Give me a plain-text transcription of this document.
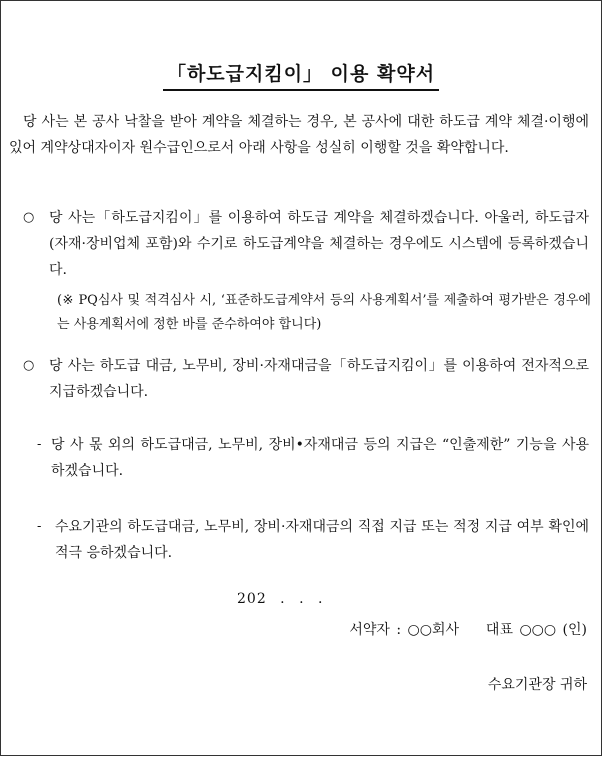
「하도급지킴이」 이용 확약서
당 사는 본 공사 낙찰을 받아 계약을 체결하는 경우, 본 공사에 대한 하도급 계약 체결·이행에 있어 계약상대자이자 원수급인으로서 아래 사항을 성실히 이행할 것을 확약합니다.
○ 당 사는「하도급지킴이」를 이용하여 하도급 계약을 체결하겠습니다. 아울러, 하도급자(자재·장비업체 포함)와 수기로 하도급계약을 체결하는 경우에도 시스템에 등록하겠습니다.
(※ PQ심사 및 적격심사 시, ‘표준하도급계약서 등의 사용계획서’를 제출하여 평가받은 경우에는 사용계획서에 정한 바를 준수하여야 합니다)
○ 당 사는 하도급 대금, 노무비, 장비·자재대금을「하도급지킴이」를 이용하여 전자적으로 지급하겠습니다.
- 당 사 몫 외의 하도급대금, 노무비, 장비•자재대금 등의 지급은 “인출제한” 기능을 사용하겠습니다.
- 수요기관의 하도급대금, 노무비, 장비·자재대금의 직접 지급 또는 적정 지급 여부 확인에 적극 응하겠습니다.
202 . . .
서약자 : ○○회사 대표 ○○○ (인)
수요기관장 귀하
